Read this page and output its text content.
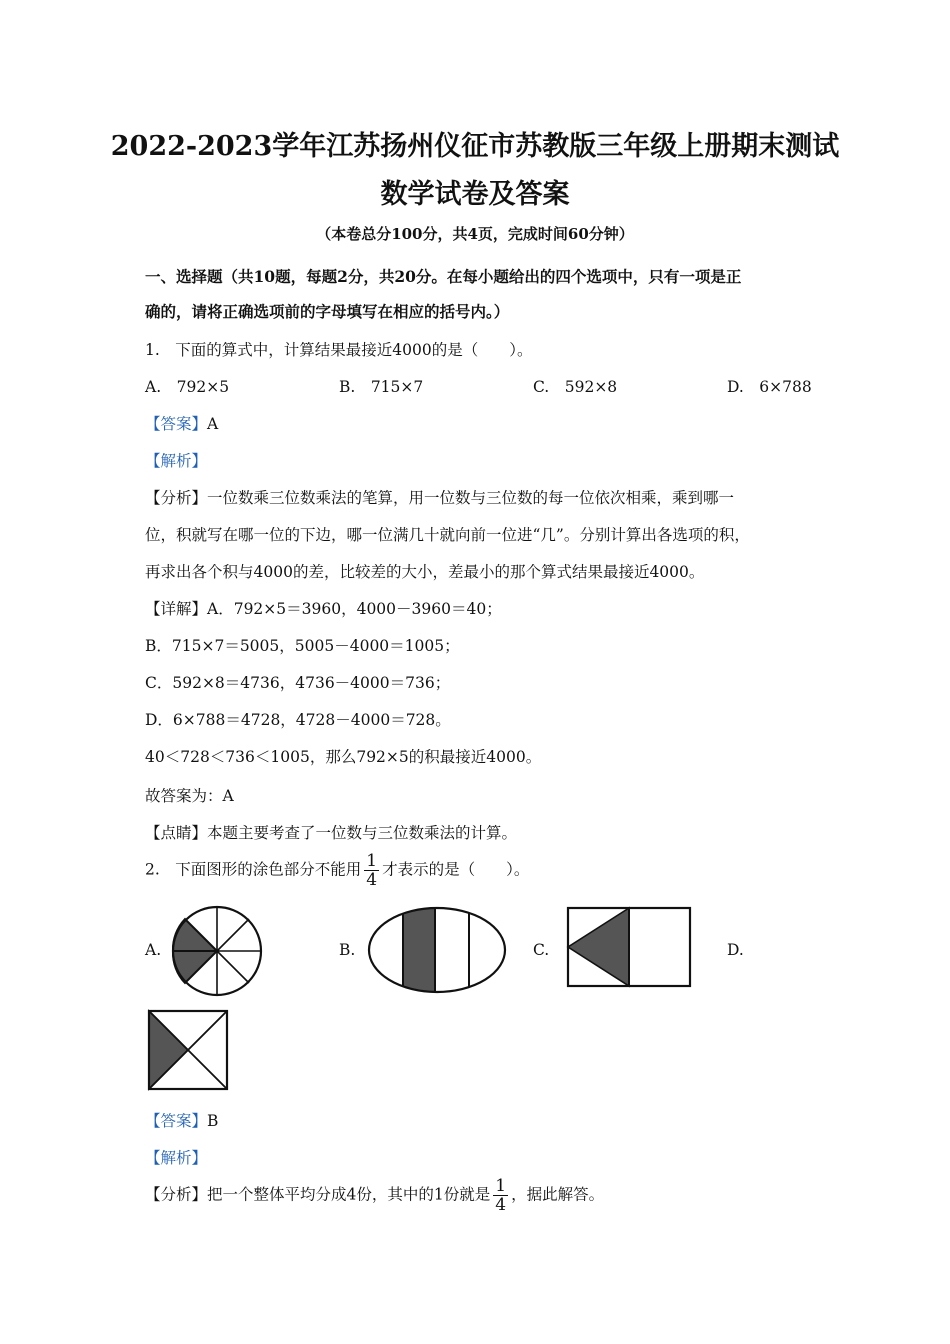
2022-2023学年江苏扬州仪征市苏教版三年级上册期末测试
数学试卷及答案
（本卷总分100分，共4页，完成时间60分钟）
一、选择题（共10题，每题2分，共20分。在每小题给出的四个选项中，只有一项是正
确的，请将正确选项前的字母填写在相应的括号内。）
1.　下面的算式中，计算结果最接近4000的是（　　）。
A.　792×5	B.　715×7	C.　592×8	D.　6×788
【答案】A
【解析】
【分析】一位数乘三位数乘法的笔算，用一位数与三位数的每一位依次相乘，乘到哪一
位，积就写在哪一位的下边，哪一位满几十就向前一位进“几”。分别计算出各选项的积，
再求出各个积与4000的差，比较差的大小，差最小的那个算式结果最接近4000。
【详解】A．792×5＝3960，4000－3960＝40；
B．715×7＝5005，5005－4000＝1005；
C．592×8＝4736，4736－4000＝736；
D．6×788＝4728，4728－4000＝728。
40＜728＜736＜1005，那么792×5的积最接近4000。
故答案为：A
【点睛】本题主要考查了一位数与三位数乘法的计算。
2.　下面图形的涂色部分不能用 $\frac{1}{4}$ 才表示的是（　　）。
A.	B.	C.	D.
【答案】B
【解析】
【分析】把一个整体平均分成4份，其中的1份就是 $\frac{1}{4}$ ，据此解答。
